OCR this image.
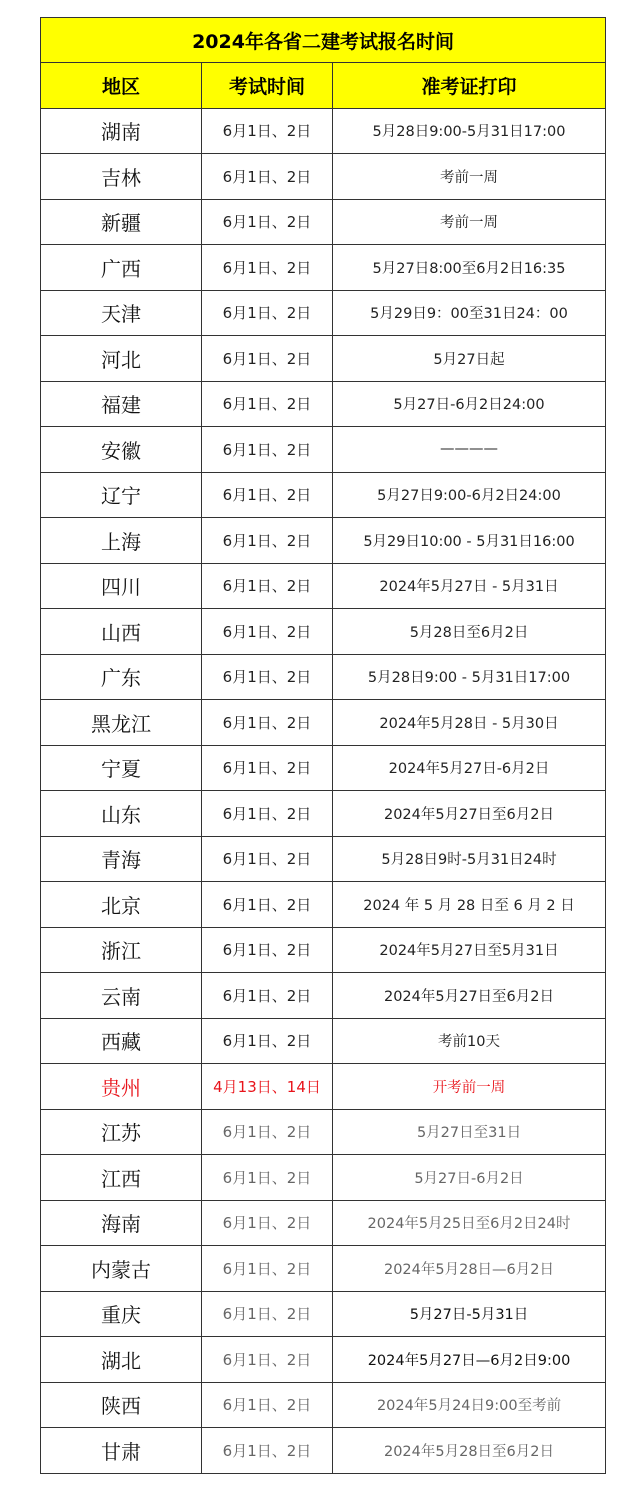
2024年各省二建考试报名时间		
地区	考试时间	准考证打印
湖南	6月1日、2日	5月28日9:00-5月31日17:00
吉林	6月1日、2日	考前一周
新疆	6月1日、2日	考前一周
广西	6月1日、2日	5月27日8:00至6月2日16:35
天津	6月1日、2日	5月29日9：00至31日24：00
河北	6月1日、2日	5月27日起
福建	6月1日、2日	5月27日-6月2日24:00
安徽	6月1日、2日	————
辽宁	6月1日、2日	5月27日9:00-6月2日24:00
上海	6月1日、2日	5月29日10:00 - 5月31日16:00
四川	6月1日、2日	2024年5月27日 - 5月31日
山西	6月1日、2日	5月28日至6月2日
广东	6月1日、2日	5月28日9:00 - 5月31日17:00
黑龙江	6月1日、2日	2024年5月28日 - 5月30日
宁夏	6月1日、2日	2024年5月27日-6月2日
山东	6月1日、2日	2024年5月27日至6月2日
青海	6月1日、2日	5月28日9时-5月31日24时
北京	6月1日、2日	2024 年 5 月 28 日至 6 月 2 日
浙江	6月1日、2日	2024年5月27日至5月31日
云南	6月1日、2日	2024年5月27日至6月2日
西藏	6月1日、2日	考前10天
贵州	4月13日、14日	开考前一周
江苏	6月1日、2日	5月27日至31日
江西	6月1日、2日	5月27日-6月2日
海南	6月1日、2日	2024年5月25日至6月2日24时
内蒙古	6月1日、2日	2024年5月28日—6月2日
重庆	6月1日、2日	5月27日-5月31日
湖北	6月1日、2日	2024年5月27日—6月2日9:00
陕西	6月1日、2日	2024年5月24日9:00至考前
甘肃	6月1日、2日	2024年5月28日至6月2日
